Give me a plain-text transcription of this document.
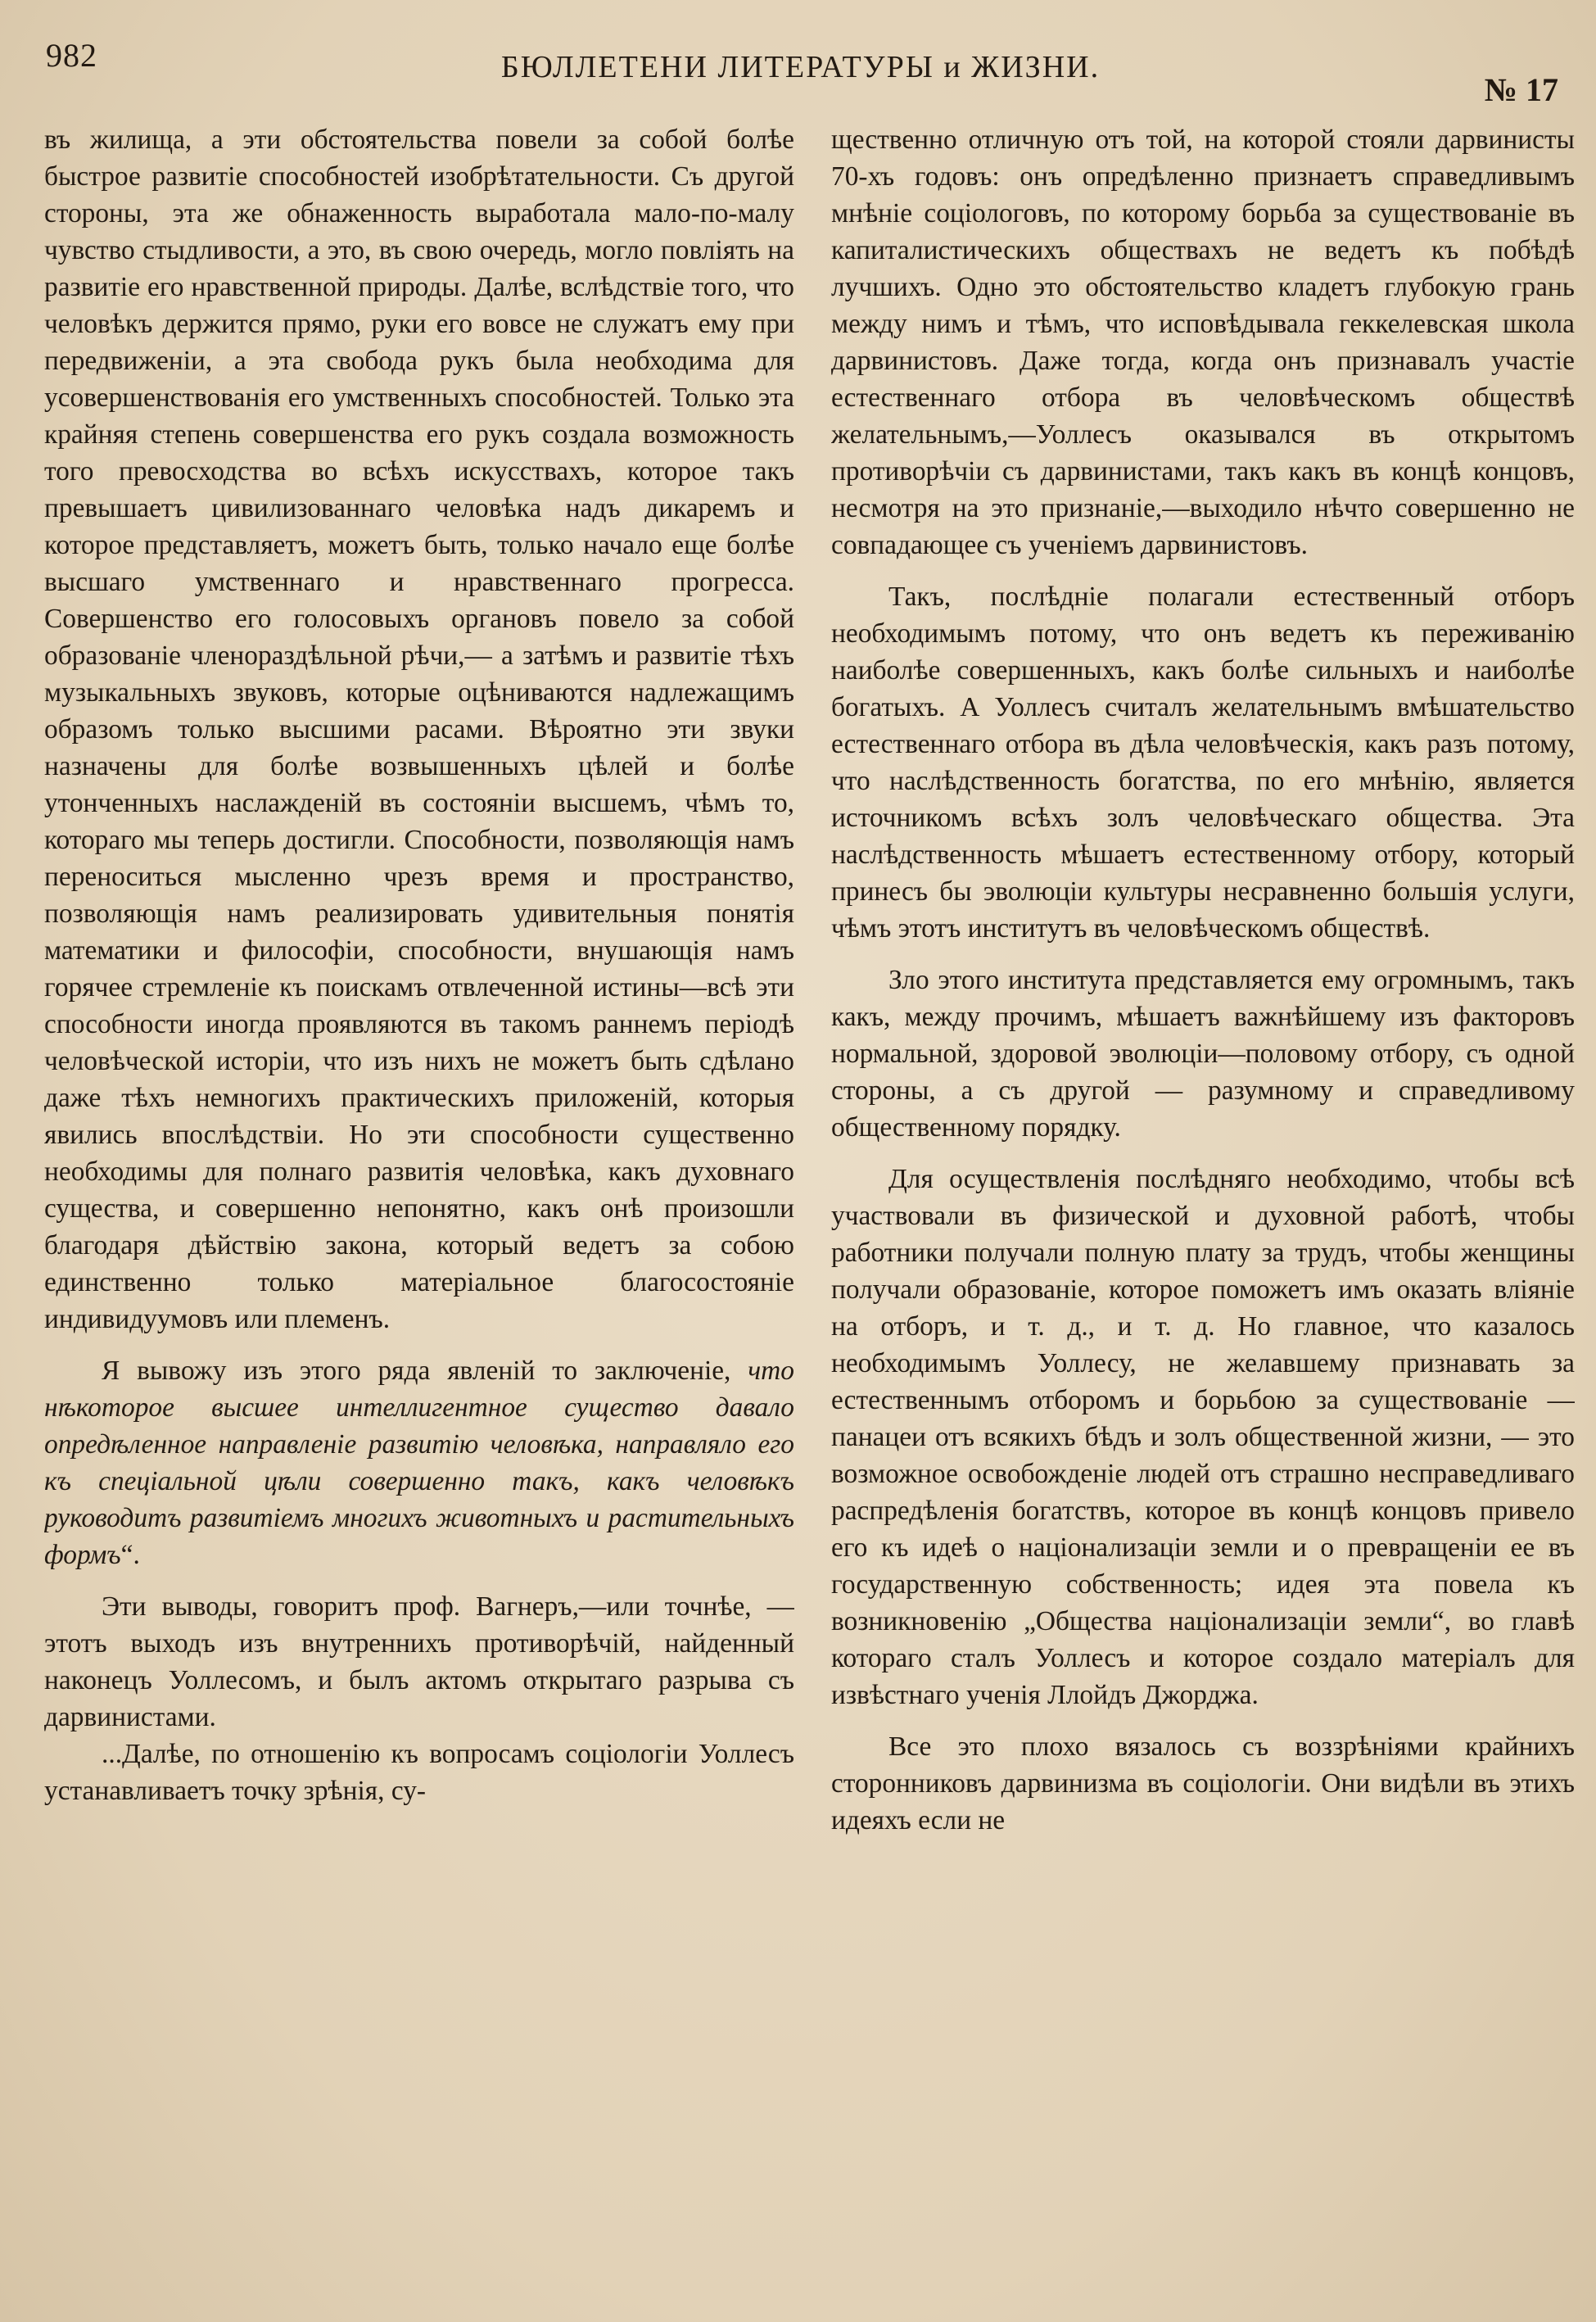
982	БЮЛЛЕТЕНИ ЛИТЕРАТУРЫ и ЖИЗНИ.
№ 17

въ жилища, а эти обстоятельства повели за собой болѣе быстрое развитіе способностей изобрѣтательности. Съ другой стороны, эта же обнаженность выработала мало-по-малу чувство стыдливости, а это, въ свою очередь, могло повліять на развитіе его нравственной природы. Далѣе, вслѣдствіе того, что человѣкъ держится прямо, руки его вовсе не служатъ ему при передвиженіи, а эта свобода рукъ была необходима для усовершенствованія его умственныхъ способностей. Только эта крайняя степень совершенства его рукъ создала возможность того превосходства во всѣхъ искусствахъ, которое такъ превышаетъ цивилизованнаго человѣка надъ дикаремъ и которое представляетъ, можетъ быть, только начало еще болѣе высшаго умственнаго и нравственнаго прогресса. Совершенство его голосовыхъ органовъ повело за собой образованіе членораздѣльной рѣчи,— а затѣмъ и развитіе тѣхъ музыкальныхъ звуковъ, которые оцѣниваются надлежащимъ образомъ только высшими расами. Вѣроятно эти звуки назначены для болѣе возвышенныхъ цѣлей и болѣе утонченныхъ наслажденій въ состояніи высшемъ, чѣмъ то, котораго мы теперь достигли. Способности, позволяющія намъ переноситься мысленно чрезъ время и пространство, позволяющія намъ реализировать удивительныя понятія математики и философіи, способности, внушающія намъ горячее стремленіе къ поискамъ отвлеченной истины—всѣ эти способности иногда проявляются въ такомъ раннемъ періодѣ человѣческой исторіи, что изъ нихъ не можетъ быть сдѣлано даже тѣхъ немногихъ практическихъ приложеній, которыя явились впослѣдствіи. Но эти способности существенно необходимы для полнаго развитія человѣка, какъ духовнаго существа, и совершенно непонятно, какъ онѣ произошли благодаря дѣйствію закона, который ведетъ за собою единственно только матеріальное благосостояніе индивидуумовъ или племенъ.

Я вывожу изъ этого ряда явленій то заключеніе, что нѣкоторое высшее интеллигентное существо давало опредѣленное направленіе развитію человѣка, направляло его къ спеціальной цѣли совершенно такъ, какъ человѣкъ руководитъ развитіемъ многихъ животныхъ и растительныхъ формъ“.

Эти выводы, говоритъ проф. Вагнеръ,—или точнѣе, — этотъ выходъ изъ внутреннихъ противорѣчій, найденный наконецъ Уоллесомъ, и былъ актомъ открытаго разрыва съ дарвинистами.

...Далѣе, по отношенію къ вопросамъ соціологіи Уоллесъ устанавливаетъ точку зрѣнія, су-

щественно отличную отъ той, на которой стояли дарвинисты 70-хъ годовъ: онъ опредѣленно признаетъ справедливымъ мнѣніе соціологовъ, по которому борьба за существованіе въ капиталистическихъ обществахъ не ведетъ къ побѣдѣ лучшихъ. Одно это обстоятельство кладетъ глубокую грань между нимъ и тѣмъ, что исповѣдывала геккелевская школа дарвинистовъ. Даже тогда, когда онъ признавалъ участіе естественнаго отбора въ человѣческомъ обществѣ желательнымъ,—Уоллесъ оказывался въ открытомъ противорѣчіи съ дарвинистами, такъ какъ въ концѣ концовъ, несмотря на это признаніе,—выходило нѣчто совершенно не совпадающее съ ученіемъ дарвинистовъ.

Такъ, послѣдніе полагали естественный отборъ необходимымъ потому, что онъ ведетъ къ переживанію наиболѣе совершенныхъ, какъ болѣе сильныхъ и наиболѣе богатыхъ. А Уоллесъ считалъ желательнымъ вмѣшательство естественнаго отбора въ дѣла человѣческія, какъ разъ потому, что наслѣдственность богатства, по его мнѣнію, является источникомъ всѣхъ золъ человѣческаго общества. Эта наслѣдственность мѣшаетъ естественному отбору, который принесъ бы эволюціи культуры несравненно большія услуги, чѣмъ этотъ институтъ въ человѣческомъ обществѣ.

Зло этого института представляется ему огромнымъ, такъ какъ, между прочимъ, мѣшаетъ важнѣйшему изъ факторовъ нормальной, здоровой эволюціи—половому отбору, съ одной стороны, а съ другой — разумному и справедливому общественному порядку.

Для осуществленія послѣдняго необходимо, чтобы всѣ участвовали въ физической и духовной работѣ, чтобы работники получали полную плату за трудъ, чтобы женщины получали образованіе, которое поможетъ имъ оказать вліяніе на отборъ, и т. д., и т. д. Но главное, что казалось необходимымъ Уоллесу, не желавшему признавать за естественнымъ отборомъ и борьбою за существованіе — панацеи отъ всякихъ бѣдъ и золъ общественной жизни, — это возможное освобожденіе людей отъ страшно несправедливаго распредѣленія богатствъ, которое въ концѣ концовъ привело его къ идеѣ о націонализаціи земли и о превращеніи ее въ государственную собственность; идея эта повела къ возникновенію „Общества націонализаціи земли“, во главѣ котораго сталъ Уоллесъ и которое создало матеріалъ для извѣстнаго ученія Ллойдъ Джорджа.

Все это плохо вязалось съ воззрѣніями крайнихъ сторонниковъ дарвинизма въ соціологіи. Они видѣли въ этихъ идеяхъ если не
